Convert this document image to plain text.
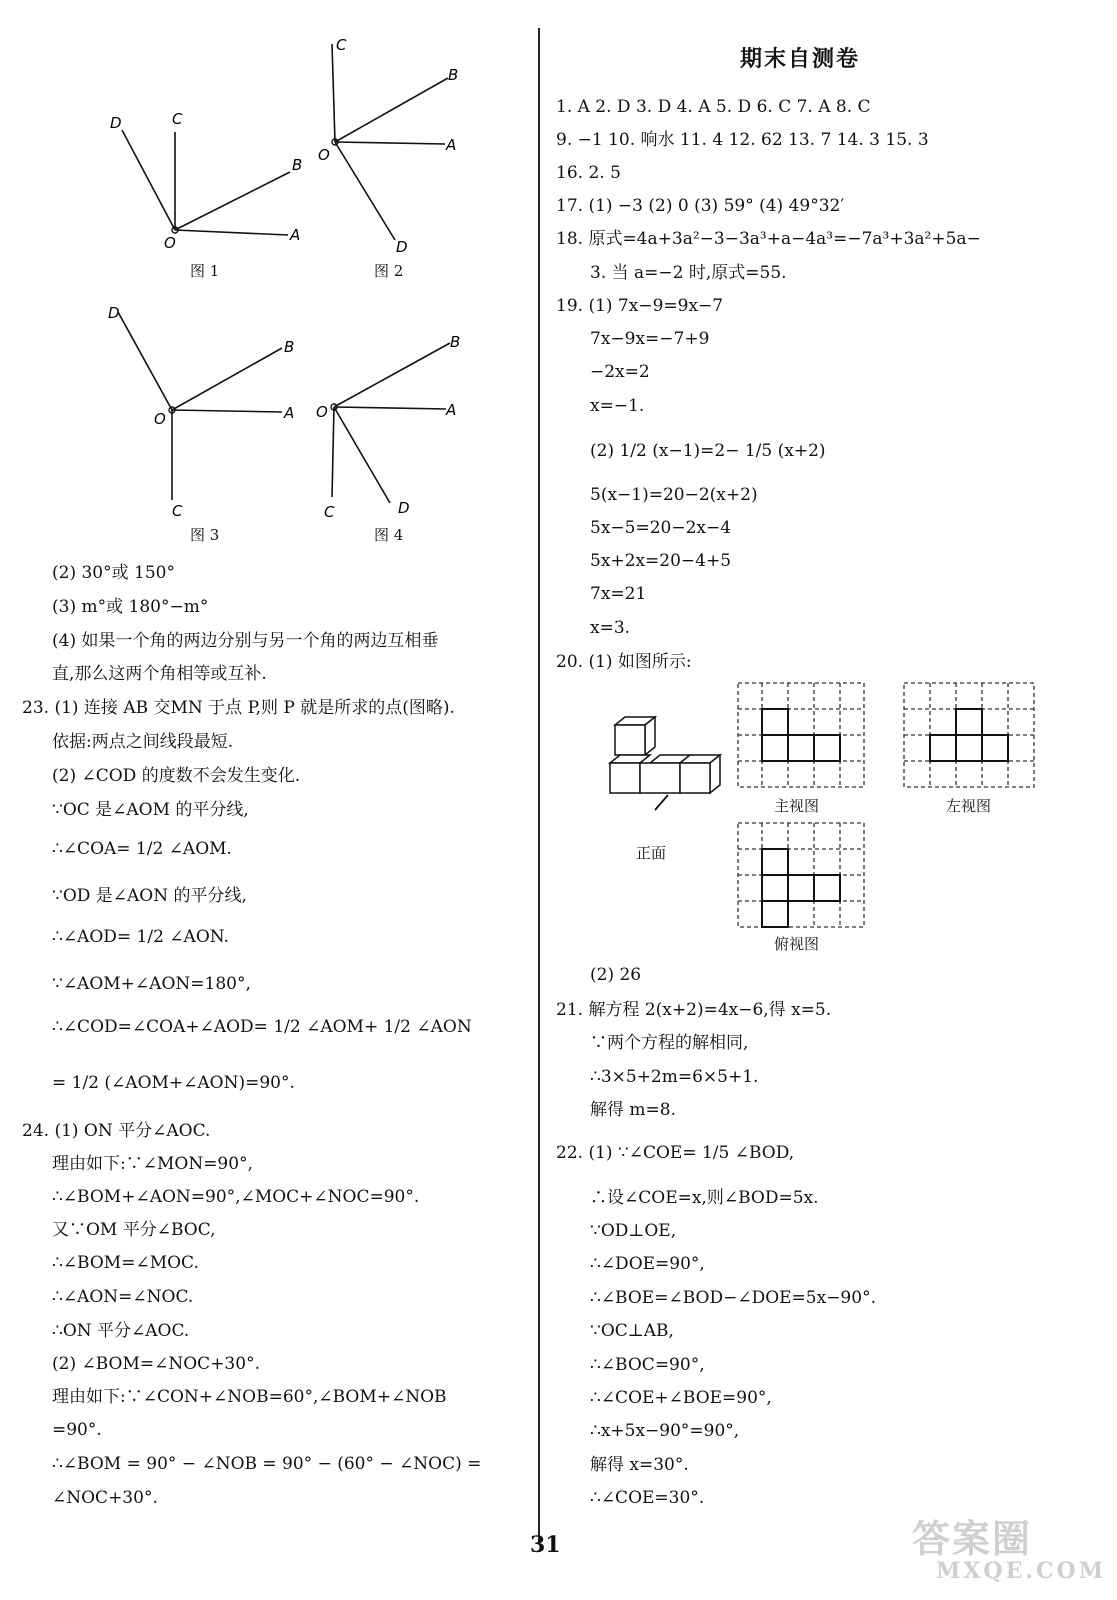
C
B
D
O	A
图 1
C
B
O
A
D
图 2
D
B
O	A
C
图 3
B
O	A
C	D
图 4
(2) 30°或 150°
(3) m°或 180°−m°
(4) 如果一个角的两边分别与另一个角的两边互相垂
直,那么这两个角相等或互补.
23. (1) 连接 AB 交MN 于点 P,则 P 就是所求的点(图略).
依据:两点之间线段最短.
(2) ∠COD 的度数不会发生变化.
∵OC 是∠AOM 的平分线,
∴∠COA= 1/2 ∠AOM.
∵OD 是∠AON 的平分线,
∴∠AOD= 1/2 ∠AON.
∵∠AOM+∠AON=180°,
∴∠COD=∠COA+∠AOD= 1/2 ∠AOM+ 1/2 ∠AON
= 1/2 (∠AOM+∠AON)=90°.
24. (1) ON 平分∠AOC.
理由如下:∵∠MON=90°,
∴∠BOM+∠AON=90°,∠MOC+∠NOC=90°.
又∵OM 平分∠BOC,
∴∠BOM=∠MOC.
∴∠AON=∠NOC.
∴ON 平分∠AOC.
(2) ∠BOM=∠NOC+30°.
理由如下:∵∠CON+∠NOB=60°,∠BOM+∠NOB
=90°.
∴∠BOM = 90° − ∠NOB = 90° − (60° − ∠NOC) =
∠NOC+30°.
期末自测卷
1. A 2. D 3. D 4. A 5. D 6. C 7. A 8. C
9. −1 10. 响水 11. 4 12. 62 13. 7 14. 3 15. 3
16. 2. 5
17. (1) −3 (2) 0 (3) 59° (4) 49°32′
18. 原式=4a+3a²−3−3a³+a−4a³=−7a³+3a²+5a−
3. 当 a=−2 时,原式=55.
19. (1) 7x−9=9x−7
7x−9x=−7+9
−2x=2
x=−1.
(2) 1/2 (x−1)=2− 1/5 (x+2)
5(x−1)=20−2(x+2)
5x−5=20−2x−4
5x+2x=20−4+5
7x=21
x=3.
20. (1) 如图所示:
正面
主视图	左视图
俯视图
(2) 26
21. 解方程 2(x+2)=4x−6,得 x=5.
∵两个方程的解相同,
∴3×5+2m=6×5+1.
解得 m=8.
22. (1) ∵∠COE= 1/5 ∠BOD,
∴设∠COE=x,则∠BOD=5x.
∵OD⊥OE,
∴∠DOE=90°,
∴∠BOE=∠BOD−∠DOE=5x−90°.
∵OC⊥AB,
∴∠BOC=90°,
∴∠COE+∠BOE=90°,
∴x+5x−90°=90°,
解得 x=30°.
∴∠COE=30°.
31	答案圈
MXQE.COM
